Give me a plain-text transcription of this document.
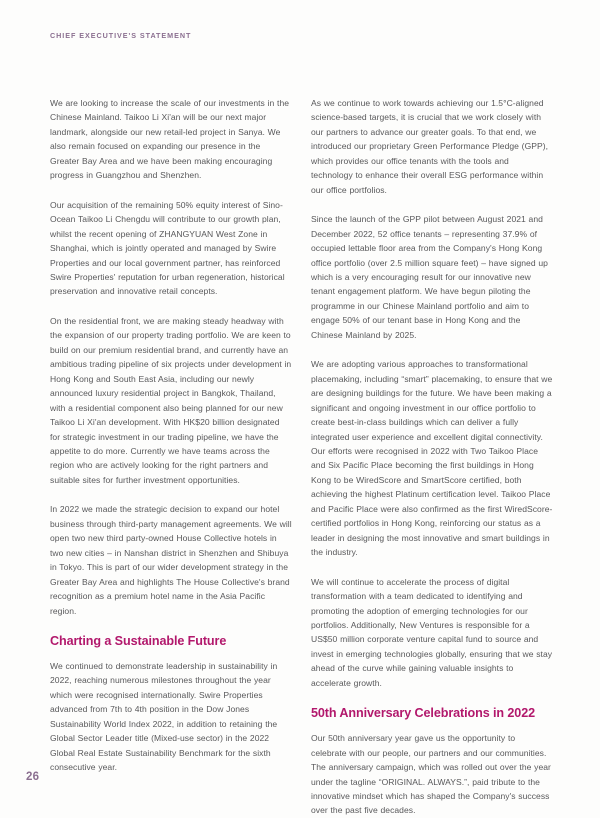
CHIEF EXECUTIVE'S STATEMENT

We are looking to increase the scale of our investments in the Chinese Mainland. Taikoo Li Xi'an will be our next major landmark, alongside our new retail-led project in Sanya. We also remain focused on expanding our presence in the Greater Bay Area and we have been making encouraging progress in Guangzhou and Shenzhen.

Our acquisition of the remaining 50% equity interest of Sino-Ocean Taikoo Li Chengdu will contribute to our growth plan, whilst the recent opening of ZHANGYUAN West Zone in Shanghai, which is jointly operated and managed by Swire Properties and our local government partner, has reinforced Swire Properties' reputation for urban regeneration, historical preservation and innovative retail concepts.

On the residential front, we are making steady headway with the expansion of our property trading portfolio. We are keen to build on our premium residential brand, and currently have an ambitious trading pipeline of six projects under development in Hong Kong and South East Asia, including our newly announced luxury residential project in Bangkok, Thailand, with a residential component also being planned for our new Taikoo Li Xi'an development. With HK$20 billion designated for strategic investment in our trading pipeline, we have the appetite to do more. Currently we have teams across the region who are actively looking for the right partners and suitable sites for further investment opportunities.

In 2022 we made the strategic decision to expand our hotel business through third-party management agreements. We will open two new third party-owned House Collective hotels in two new cities – in Nanshan district in Shenzhen and Shibuya in Tokyo. This is part of our wider development strategy in the Greater Bay Area and highlights The House Collective's brand recognition as a premium hotel name in the Asia Pacific region.

Charting a Sustainable Future

We continued to demonstrate leadership in sustainability in 2022, reaching numerous milestones throughout the year which were recognised internationally. Swire Properties advanced from 7th to 4th position in the Dow Jones Sustainability World Index 2022, in addition to retaining the Global Sector Leader title (Mixed-use sector) in the 2022 Global Real Estate Sustainability Benchmark for the sixth consecutive year.

As we continue to work towards achieving our 1.5°C-aligned science-based targets, it is crucial that we work closely with our partners to advance our greater goals. To that end, we introduced our proprietary Green Performance Pledge (GPP), which provides our office tenants with the tools and technology to enhance their overall ESG performance within our office portfolios.

Since the launch of the GPP pilot between August 2021 and December 2022, 52 office tenants – representing 37.9% of occupied lettable floor area from the Company's Hong Kong office portfolio (over 2.5 million square feet) – have signed up which is a very encouraging result for our innovative new tenant engagement platform. We have begun piloting the programme in our Chinese Mainland portfolio and aim to engage 50% of our tenant base in Hong Kong and the Chinese Mainland by 2025.

We are adopting various approaches to transformational placemaking, including “smart” placemaking, to ensure that we are designing buildings for the future. We have been making a significant and ongoing investment in our office portfolio to create best-in-class buildings which can deliver a fully integrated user experience and excellent digital connectivity. Our efforts were recognised in 2022 with Two Taikoo Place and Six Pacific Place becoming the first buildings in Hong Kong to be WiredScore and SmartScore certified, both achieving the highest Platinum certification level. Taikoo Place and Pacific Place were also confirmed as the first WiredScore-certified portfolios in Hong Kong, reinforcing our status as a leader in designing the most innovative and smart buildings in the industry.

We will continue to accelerate the process of digital transformation with a team dedicated to identifying and promoting the adoption of emerging technologies for our portfolios. Additionally, New Ventures is responsible for a US$50 million corporate venture capital fund to source and invest in emerging technologies globally, ensuring that we stay ahead of the curve while gaining valuable insights to accelerate growth.

50th Anniversary Celebrations in 2022

Our 50th anniversary year gave us the opportunity to celebrate with our people, our partners and our communities. The anniversary campaign, which was rolled out over the year under the tagline “ORIGINAL. ALWAYS.”, paid tribute to the innovative mindset which has shaped the Company's success over the past five decades.

26
